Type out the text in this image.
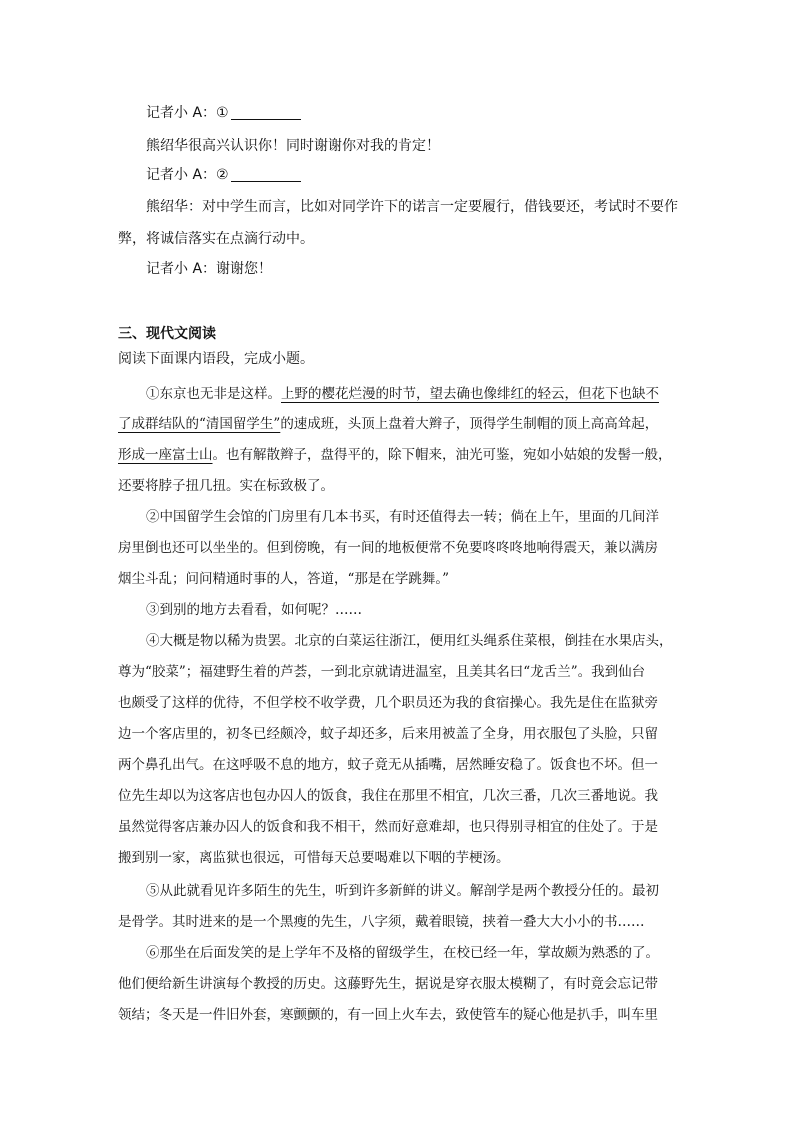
记者小 A：①
熊绍华很高兴认识你！同时谢谢你对我的肯定！
记者小 A：②
熊绍华：对中学生而言，比如对同学许下的诺言一定要履行，借钱要还，考试时不要作
弊，将诚信落实在点滴行动中。
记者小 A：谢谢您！
三、现代文阅读
阅读下面课内语段，完成小题。
①东京也无非是这样。上野的樱花烂漫的时节，望去确也像绯红的轻云，但花下也缺不
了成群结队的“清国留学生”的速成班，头顶上盘着大辫子，顶得学生制帽的顶上高高耸起，
形成一座富士山。也有解散辫子，盘得平的，除下帽来，油光可鉴，宛如小姑娘的发髻一般，
还要将脖子扭几扭。实在标致极了。
②中国留学生会馆的门房里有几本书买，有时还值得去一转；倘在上午，里面的几间洋
房里倒也还可以坐坐的。但到傍晚，有一间的地板便常不免要咚咚咚地响得震天，兼以满房
烟尘斗乱；问问精通时事的人，答道，“那是在学跳舞。”
③到别的地方去看看，如何呢？……
④大概是物以稀为贵罢。北京的白菜运往浙江，便用红头绳系住菜根，倒挂在水果店头，
尊为“胶菜”；福建野生着的芦荟，一到北京就请进温室，且美其名曰“龙舌兰”。我到仙台
也颇受了这样的优待，不但学校不收学费，几个职员还为我的食宿操心。我先是住在监狱旁
边一个客店里的，初冬已经颇冷，蚊子却还多，后来用被盖了全身，用衣服包了头脸，只留
两个鼻孔出气。在这呼吸不息的地方，蚊子竟无从插嘴，居然睡安稳了。饭食也不坏。但一
位先生却以为这客店也包办囚人的饭食，我住在那里不相宜，几次三番，几次三番地说。我
虽然觉得客店兼办囚人的饭食和我不相干，然而好意难却，也只得别寻相宜的住处了。于是
搬到别一家，离监狱也很远，可惜每天总要喝难以下咽的芋梗汤。
⑤从此就看见许多陌生的先生，听到许多新鲜的讲义。解剖学是两个教授分任的。最初
是骨学。其时进来的是一个黑瘦的先生，八字须，戴着眼镜，挟着一叠大大小小的书……
⑥那坐在后面发笑的是上学年不及格的留级学生，在校已经一年，掌故颇为熟悉的了。
他们便给新生讲演每个教授的历史。这藤野先生，据说是穿衣服太模糊了，有时竟会忘记带
领结；冬天是一件旧外套，寒颤颤的，有一回上火车去，致使管车的疑心他是扒手，叫车里
